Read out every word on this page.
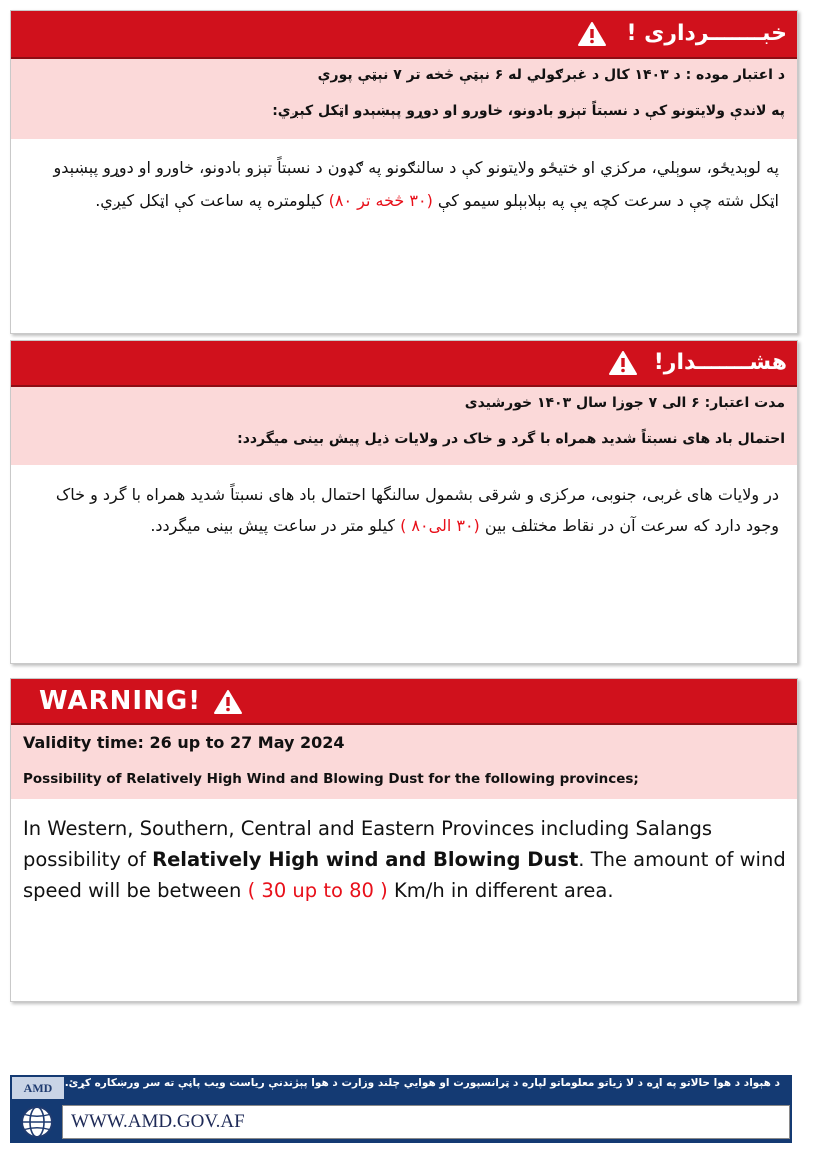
خبـــــــرداری !
د اعتبار موده : د ۱۴۰۳ کال د غبرګولي له ۶ نېټې څخه تر ۷ نېټې پورې
په لاندې ولایتونو کې د نسبتاً تېزو بادونو، خاورو او دوړو پېښېدو اټکل کېږي:
په لوېدیځو، سوېلي، مرکزي او ختیځو ولایتونو کې د سالنګونو په ګډون د نسبتاً تېزو بادونو، خاورو او دوړو پېښېدو اټکل شته چې د سرعت کچه یې په بېلابېلو سیمو کې (۳۰ څخه تر ۸۰) کیلومتره په ساعت کې اټکل کیږي.
هشـــــــدار!
مدت اعتبار: ۶ الی ۷ جوزا سال ۱۴۰۳ خورشیدی
احتمال باد های نسبتاً شدید همراه با گرد و خاک در ولایات ذیل پیش بینی میگردد:
در ولایات های غربی، جنوبی، مرکزی و شرقی بشمول سالنگها احتمال باد های نسبتاً شدید همراه با گرد و خاک وجود دارد که سرعت آن در نقاط مختلف بین (۳۰ الی۸۰ ) کیلو متر در ساعت پیش بینی میگردد.
WARNING!
Validity time: 26 up to 27 May 2024
Possibility of Relatively High Wind and Blowing Dust for the following provinces;
In Western, Southern, Central and Eastern Provinces including Salangs possibility of Relatively High wind and Blowing Dust. The amount of wind speed will be between ( 30 up to 80 ) Km/h in different area.
AMD	د هېواد د هوا حالاتو په اړه د لا زیاتو معلوماتو لپاره د ټرانسپورت او هوایي چلند وزارت د هوا پېژندنې ریاست ویب پاڼې ته سر ورښکاره کړئ.
WWW.AMD.GOV.AF
